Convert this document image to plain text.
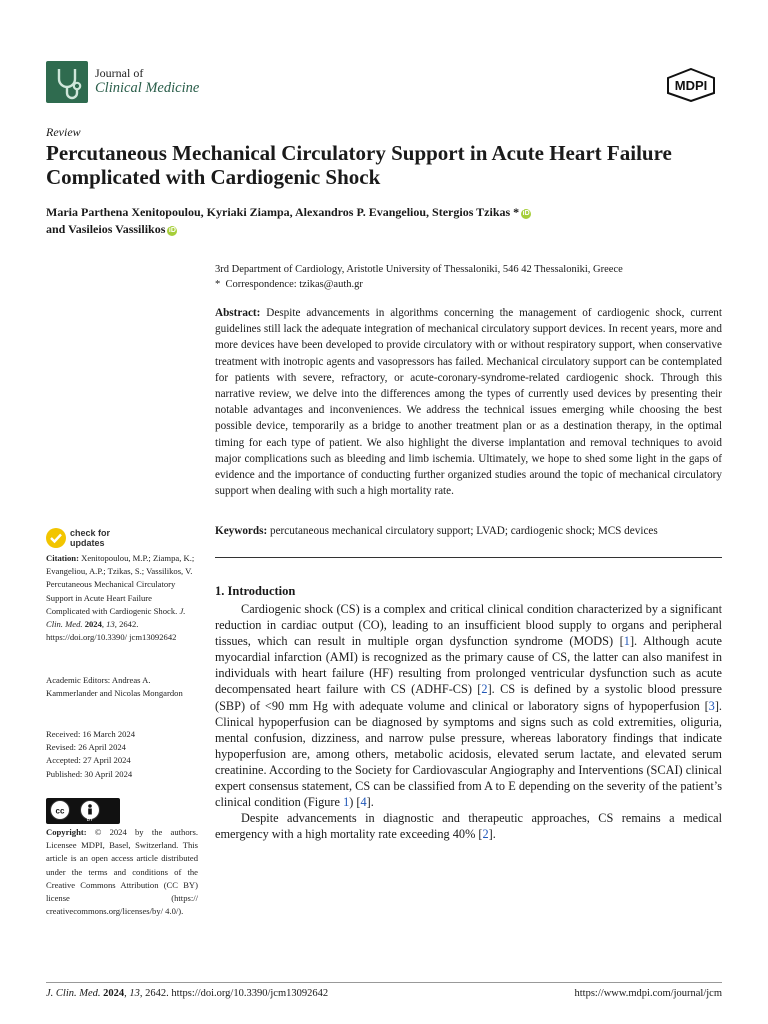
Journal of
Clinical Medicine	MDPI
Review
Percutaneous Mechanical Circulatory Support in Acute Heart Failure Complicated with Cardiogenic Shock
Maria Parthena Xenitopoulou, Kyriaki Ziampa, Alexandros P. Evangeliou, Stergios Tzikas * iD
and Vasileios Vassilikos iD
3rd Department of Cardiology, Aristotle University of Thessaloniki, 546 42 Thessaloniki, Greece
* Correspondence: tzikas@auth.gr
Abstract: Despite advancements in algorithms concerning the management of cardiogenic shock, current guidelines still lack the adequate integration of mechanical circulatory support devices. In recent years, more and more devices have been developed to provide circulatory with or without respiratory support, when conservative treatment with inotropic agents and vasopressors has failed. Mechanical circulatory support can be contemplated for patients with severe, refractory, or acute-coronary-syndrome-related cardiogenic shock. Through this narrative review, we delve into the differences among the types of currently used devices by presenting their notable advantages and inconveniences. We address the technical issues emerging while choosing the best possible device, temporarily as a bridge to another treatment plan or as a destination therapy, in the optimal timing for each type of patient. We also highlight the diverse implantation and removal techniques to avoid major complications such as bleeding and limb ischemia. Ultimately, we hope to shed some light in the gaps of evidence and the importance of conducting further organized studies around the topic of mechanical circulatory support when dealing with such a high mortality rate.
Keywords: percutaneous mechanical circulatory support; LVAD; cardiogenic shock; MCS devices
1. Introduction

Cardiogenic shock (CS) is a complex and critical clinical condition characterized by a significant reduction in cardiac output (CO), leading to an insufficient blood supply to organs and peripheral tissues, which can result in multiple organ dysfunction syndrome (MODS) [1]. Although acute myocardial infarction (AMI) is recognized as the primary cause of CS, the latter can also manifest in individuals with heart failure (HF) resulting from prolonged ventricular dysfunction such as acute decompensated heart failure with CS (ADHF-CS) [2]. CS is defined by a systolic blood pressure (SBP) of <90 mm Hg with adequate volume and clinical or laboratory signs of hypoperfusion [3]. Clinical hypoperfusion can be diagnosed by symptoms and signs such as cold extremities, oliguria, mental confusion, dizziness, and narrow pulse pressure, whereas laboratory findings that indicate hypoperfusion are, among others, metabolic acidosis, elevated serum lactate, and elevated serum creatinine. According to the Society for Cardiovascular Angiography and Interventions (SCAI) clinical expert consensus statement, CS can be classified from A to E depending on the severity of the patient’s clinical condition (Figure 1) [4].

Despite advancements in diagnostic and therapeutic approaches, CS remains a medical emergency with a high mortality rate exceeding 40% [2].

check for
updates
Citation: Xenitopoulou, M.P.; Ziampa, K.; Evangeliou, A.P.; Tzikas, S.; Vassilikos, V. Percutaneous Mechanical Circulatory Support in Acute Heart Failure Complicated with Cardiogenic Shock. J. Clin. Med. 2024, 13, 2642. https://doi.org/10.3390/ jcm13092642
Academic Editors: Andreas A. Kammerlander and Nicolas Mongardon
Received: 16 March 2024
Revised: 26 April 2024
Accepted: 27 April 2024
Published: 30 April 2024
cc
BY
Copyright: © 2024 by the authors. Licensee MDPI, Basel, Switzerland. This article is an open access article distributed under the terms and conditions of the Creative Commons Attribution (CC BY) license (https:// creativecommons.org/licenses/by/ 4.0/).
J. Clin. Med. 2024, 13, 2642. https://doi.org/10.3390/jcm13092642	https://www.mdpi.com/journal/jcm
